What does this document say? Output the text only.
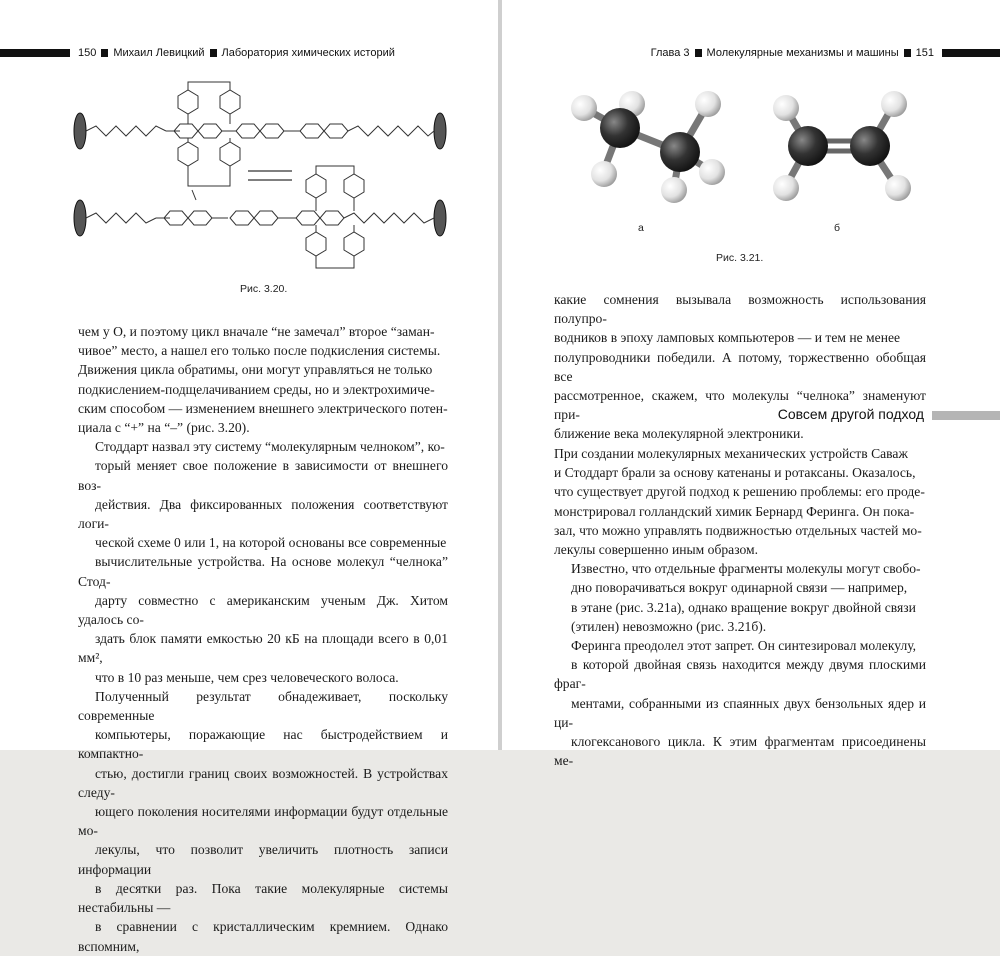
150 Михаил Левицкий Лаборатория химических историй
Рис. 3.20.

чем у О, и поэтому цикл вначале “не замечал” второе “заман-
чивое” место, а нашел его только после подкисления системы.
Движения цикла обратимы, они могут управляться не только
подкислением-подщелачиванием среды, но и электрохимиче-
ским способом — изменением внешнего электрического потен-
циала с “+” на “–” (рис. 3.20).

Стоддарт назвал эту систему “молекулярным челноком”, ко-
торый меняет свое положение в зависимости от внешнего воз-
действия. Два фиксированных положения соответствуют логи-
ческой схеме 0 или 1, на которой основаны все современные
вычислительные устройства. На основе молекул “челнока” Стод-
дарту совместно с американским ученым Дж. Хитом удалось со-
здать блок памяти емкостью 20 кБ на площади всего в 0,01 мм²,
что в 10 раз меньше, чем срез человеческого волоса.

Полученный результат обнадеживает, поскольку современные
компьютеры, поражающие нас быстродействием и компактно-
стью, достигли границ своих возможностей. В устройствах следу-
ющего поколения носителями информации будут отдельные мо-
лекулы, что позволит увеличить плотность записи информации
в десятки раз. Пока такие молекулярные системы нестабильны —
в сравнении с кристаллическим кремнием. Однако вспомним,

Глава 3 Молекулярные механизмы и машины 151
а	б
Рис. 3.21.

какие сомнения вызывала возможность использования полупро-
водников в эпоху ламповых компьютеров — и тем не менее
полупроводники победили. А потому, торжественно обобщая все
рассмотренное, скажем, что молекулы “челнока” знаменуют при-
ближение века молекулярной электроники.

Совсем другой подход

При создании молекулярных механических устройств Саваж
и Стоддарт брали за основу катенаны и ротаксаны. Оказалось,
что существует другой подход к решению проблемы: его проде-
монстрировал голландский химик Бернард Феринга. Он пока-
зал, что можно управлять подвижностью отдельных частей мо-
лекулы совершенно иным образом.

Известно, что отдельные фрагменты молекулы могут свобо-
дно поворачиваться вокруг одинарной связи — например,
в этане (рис. 3.21а), однако вращение вокруг двойной связи
(этилен) невозможно (рис. 3.21б).

Феринга преодолел этот запрет. Он синтезировал молекулу,
в которой двойная связь находится между двумя плоскими фраг-
ментами, собранными из спаянных двух бензольных ядер и ци-
клогексанового цикла. К этим фрагментам присоединены ме-
